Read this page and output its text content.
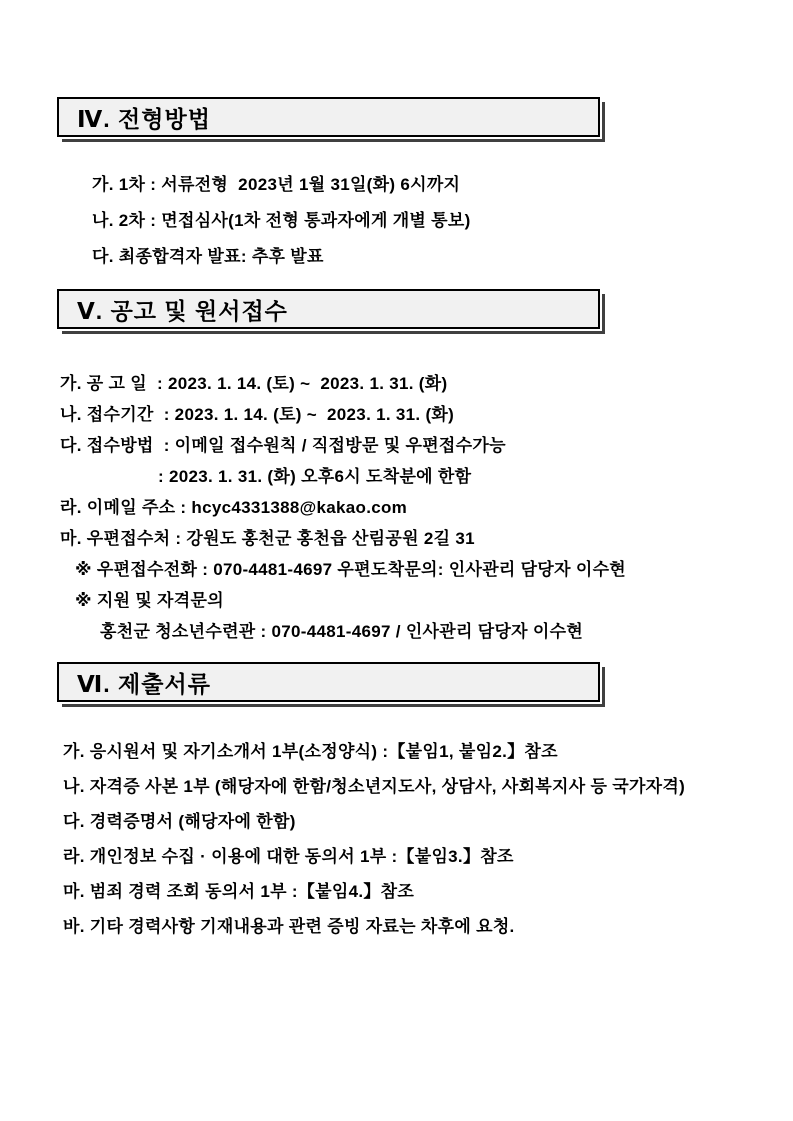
Ⅳ. 전형방법

가. 1차 : 서류전형  2023년 1월 31일(화) 6시까지

나. 2차 : 면접심사(1차 전형 통과자에게 개별 통보)

다. 최종합격자 발표: 추후 발표

Ⅴ. 공고 및 원서접수

가. 공 고 일  : 2023. 1. 14. (토) ~  2023. 1. 31. (화)

나. 접수기간  : 2023. 1. 14. (토) ~  2023. 1. 31. (화)

다. 접수방법  : 이메일 접수원칙 / 직접방문 및 우편접수가능

: 2023. 1. 31. (화) 오후6시 도착분에 한함

라. 이메일 주소 : hcyc4331388@kakao.com

마. 우편접수처 : 강원도 홍천군 홍천읍 산림공원 2길 31

※ 우편접수전화 : 070-4481-4697 우편도착문의: 인사관리 담당자 이수현

※ 지원 및 자격문의

홍천군 청소년수련관 : 070-4481-4697 / 인사관리 담당자 이수현

Ⅵ. 제출서류

가. 응시원서 및 자기소개서 1부(소정양식) :【붙임1, 붙임2.】참조

나. 자격증 사본 1부 (해당자에 한함/청소년지도사, 상담사, 사회복지사 등 국가자격)

다. 경력증명서 (해당자에 한함)

라. 개인정보 수집 · 이용에 대한 동의서 1부 :【붙임3.】참조

마. 범죄 경력 조회 동의서 1부 :【붙임4.】참조

바. 기타 경력사항 기재내용과 관련 증빙 자료는 차후에 요청.
